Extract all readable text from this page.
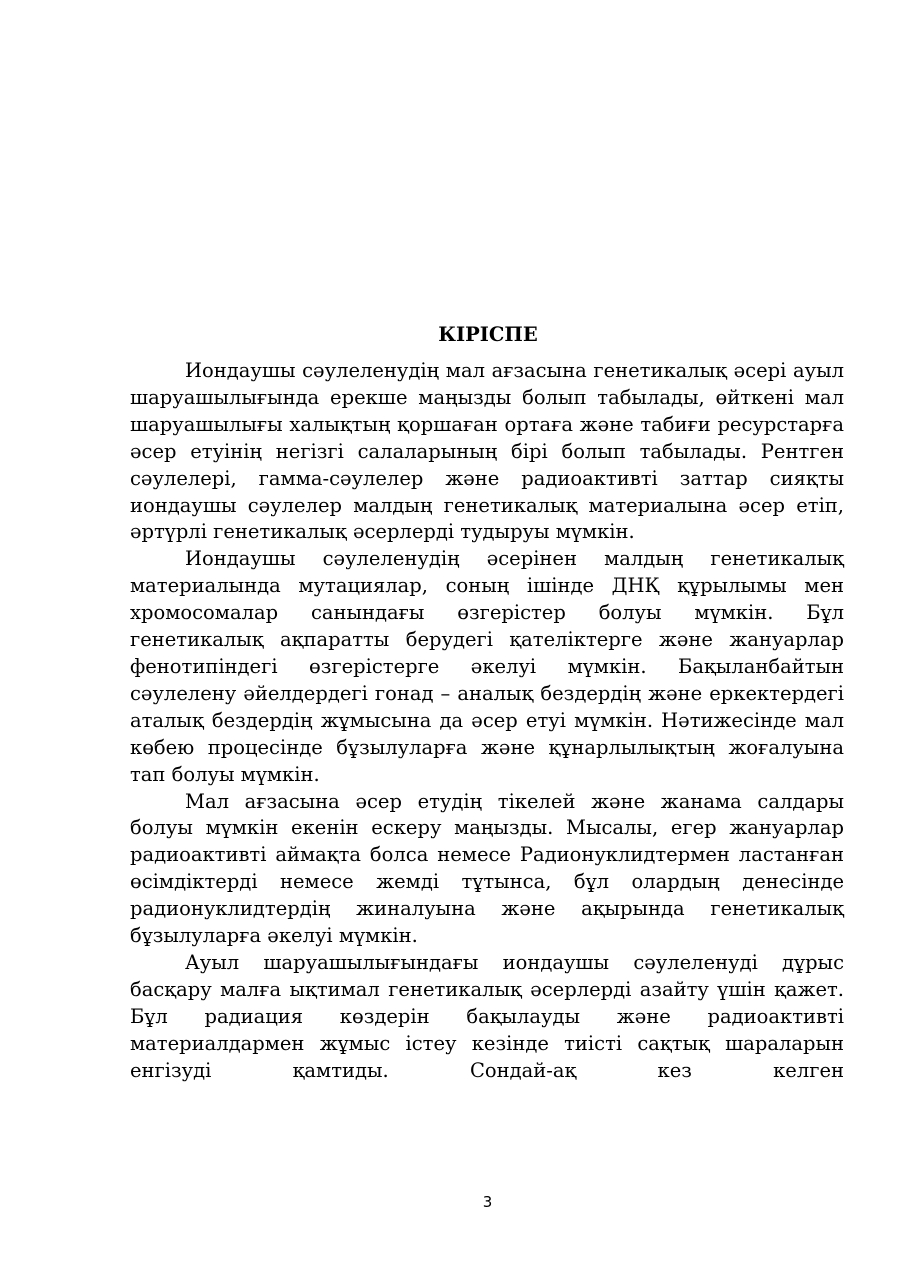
КІРІСПЕ

Иондаушы сәулеленудің мал ағзасына генетикалық әсері ауыл шаруашылығында ерекше маңызды болып табылады, өйткені мал шаруашылығы халықтың қоршаған ортаға және табиғи ресурстарға әсер етуінің негізгі салаларының бірі болып табылады. Рентген сәулелері, гамма-сәулелер және радиоактивті заттар сияқты иондаушы сәулелер малдың генетикалық материалына әсер етіп, әртүрлі генетикалық әсерлерді тудыруы мүмкін.

Иондаушы сәулеленудің әсерінен малдың генетикалық материалында мутациялар, соның ішінде ДНҚ құрылымы мен хромосомалар санындағы өзгерістер болуы мүмкін. Бұл генетикалық ақпаратты берудегі қателіктерге және жануарлар фенотипіндегі өзгерістерге әкелуі мүмкін. Бақыланбайтын сәулелену әйелдердегі гонад – аналық бездердің және еркектердегі аталық бездердің жұмысына да әсер етуі мүмкін. Нәтижесінде мал көбею процесінде бұзылуларға және құнарлылықтың жоғалуына тап болуы мүмкін.

Мал ағзасына әсер етудің тікелей және жанама салдары болуы мүмкін екенін ескеру маңызды. Мысалы, егер жануарлар радиоактивті аймақта болса немесе Радионуклидтермен ластанған өсімдіктерді немесе жемді тұтынса, бұл олардың денесінде радионуклидтердің жиналуына және ақырында генетикалық бұзылуларға әкелуі мүмкін.

Ауыл шаруашылығындағы иондаушы сәулеленуді дұрыс басқару малға ықтимал генетикалық әсерлерді азайту үшін қажет. Бұл радиация көздерін бақылауды және радиоактивті материалдармен жұмыс істеу кезінде тиісті сақтық шараларын енгізуді қамтиды. Сондай-ақ кез келген

3
